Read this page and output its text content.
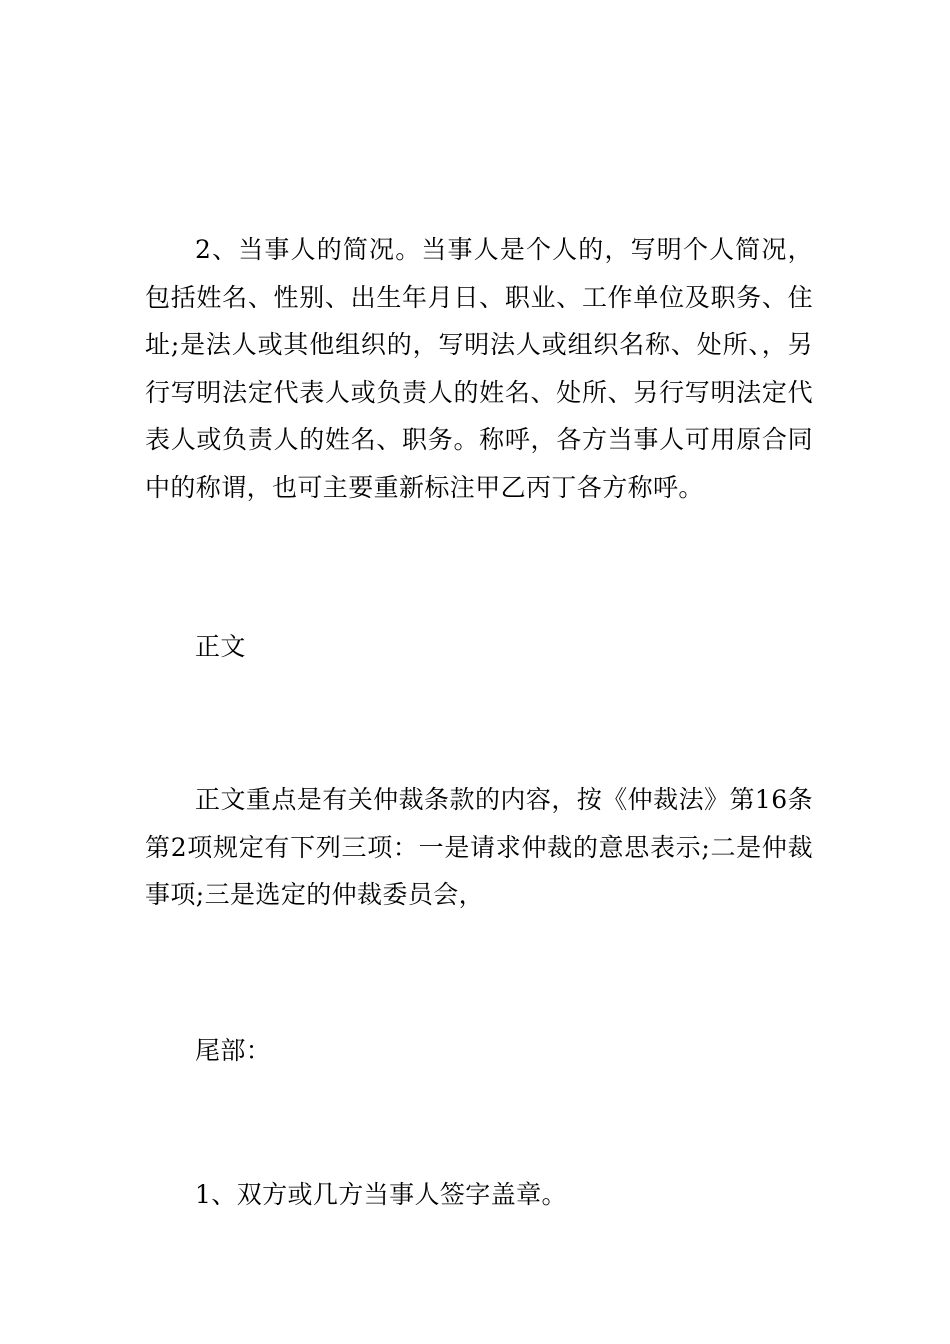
2、当事人的简况。当事人是个人的，写明个人简况，包括姓名、性别、出生年月日、职业、工作单位及职务、住址;是法人或其他组织的，写明法人或组织名称、处所、，另行写明法定代表人或负责人的姓名、处所、另行写明法定代表人或负责人的姓名、职务。称呼，各方当事人可用原合同中的称谓，也可主要重新标注甲乙丙丁各方称呼。

正文

正文重点是有关仲裁条款的内容，按《仲裁法》第16条第2项规定有下列三项：一是请求仲裁的意思表示;二是仲裁事项;三是选定的仲裁委员会，

尾部：

1、双方或几方当事人签字盖章。
